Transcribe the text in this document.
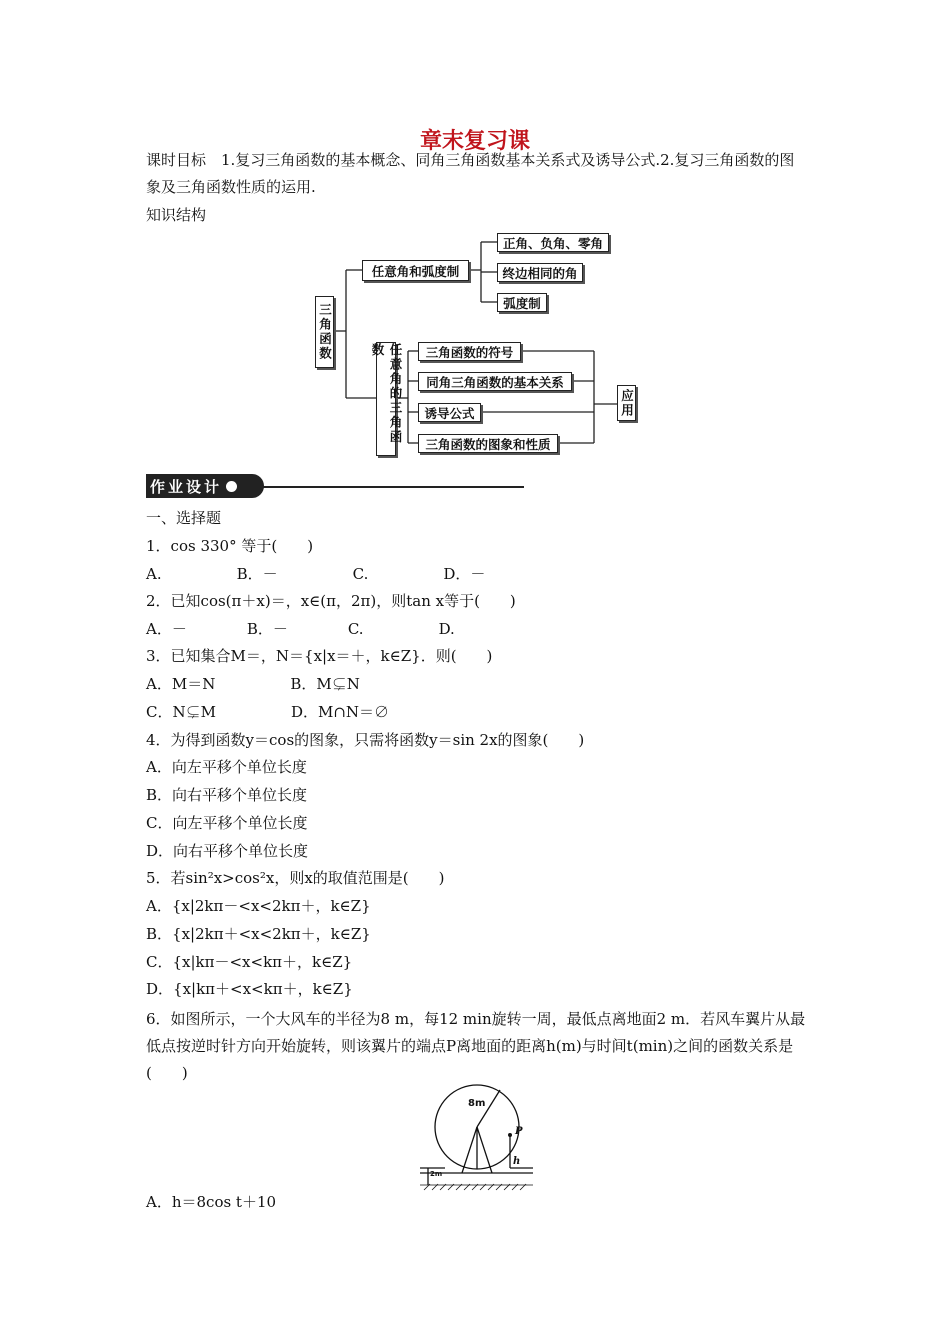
章末复习课
课时目标　1.复习三角函数的基本概念、同角三角函数基本关系式及诱导公式.2.复习三角函数的图象及三角函数性质的运用.
知识结构
三角函数
任意角和弧度制
正角、负角、零角
终边相同的角
弧度制
任意角的三角函数	三角函数的符号
同角三角函数的基本关系
诱导公式
三角函数的图象和性质
应用
作业设计
一、选择题
1．cos 330° 等于(　　)
A.　　　　　B．－　　　　　C.　　　　　D．－
2．已知cos(π＋x)＝，x∈(π，2π)，则tan x等于(　　)
A．－　　　　B．－　　　　C.　　　　　D.
3．已知集合M＝，N＝{x|x＝＋，k∈Z}．则(　　)
A．M＝N　　　　　B．M⊊N
C．N⊊M　　　　　D．M∩N＝∅
4．为得到函数y＝cos的图象，只需将函数y＝sin 2x的图象(　　)
A．向左平移个单位长度
B．向右平移个单位长度
C．向左平移个单位长度
D．向右平移个单位长度
5．若sin²x>cos²x，则x的取值范围是(　　)
A．{x|2kπ－<x<2kπ＋，k∈Z}
B．{x|2kπ＋<x<2kπ＋，k∈Z}
C．{x|kπ－<x<kπ＋，k∈Z}
D．{x|kπ＋<x<kπ＋，k∈Z}
6．如图所示，一个大风车的半径为8 m，每12 min旋转一周，最低点离地面2 m．若风车翼片从最低点按逆时针方向开始旋转，则该翼片的端点P离地面的距离h(m)与时间t(min)之间的函数关系是(　　)
8m
P
h
2m
A．h＝8cos t＋10
